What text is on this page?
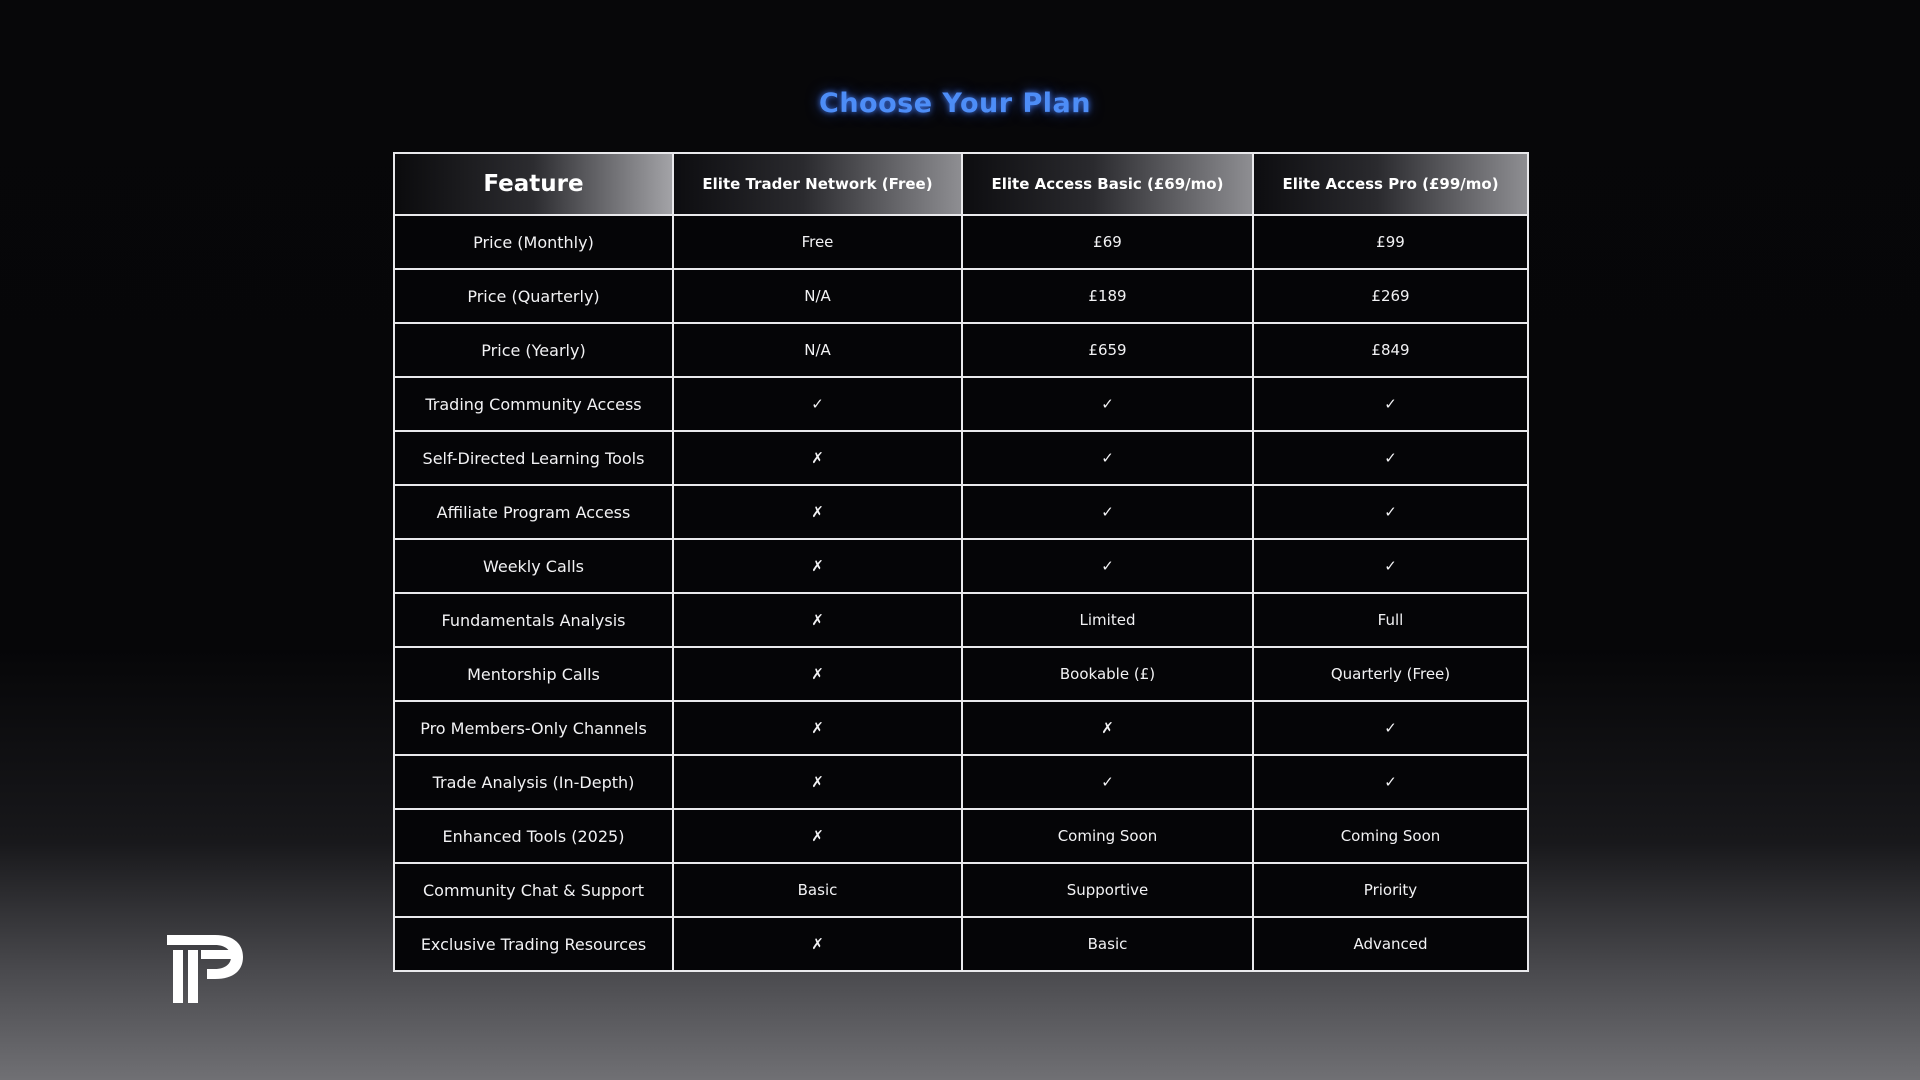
Choose Your Plan
Feature	Elite Trader Network (Free)	Elite Access Basic (£69/mo)	Elite Access Pro (£99/mo)
Price (Monthly)	Free	£69	£99
Price (Quarterly)	N/A	£189	£269
Price (Yearly)	N/A	£659	£849
Trading Community Access	✓	✓	✓
Self-Directed Learning Tools	✗	✓	✓
Affiliate Program Access	✗	✓	✓
Weekly Calls	✗	✓	✓
Fundamentals Analysis	✗	Limited	Full
Mentorship Calls	✗	Bookable (£)	Quarterly (Free)
Pro Members-Only Channels	✗	✗	✓
Trade Analysis (In-Depth)	✗	✓	✓
Enhanced Tools (2025)	✗	Coming Soon	Coming Soon
Community Chat & Support	Basic	Supportive	Priority
Exclusive Trading Resources	✗	Basic	Advanced
